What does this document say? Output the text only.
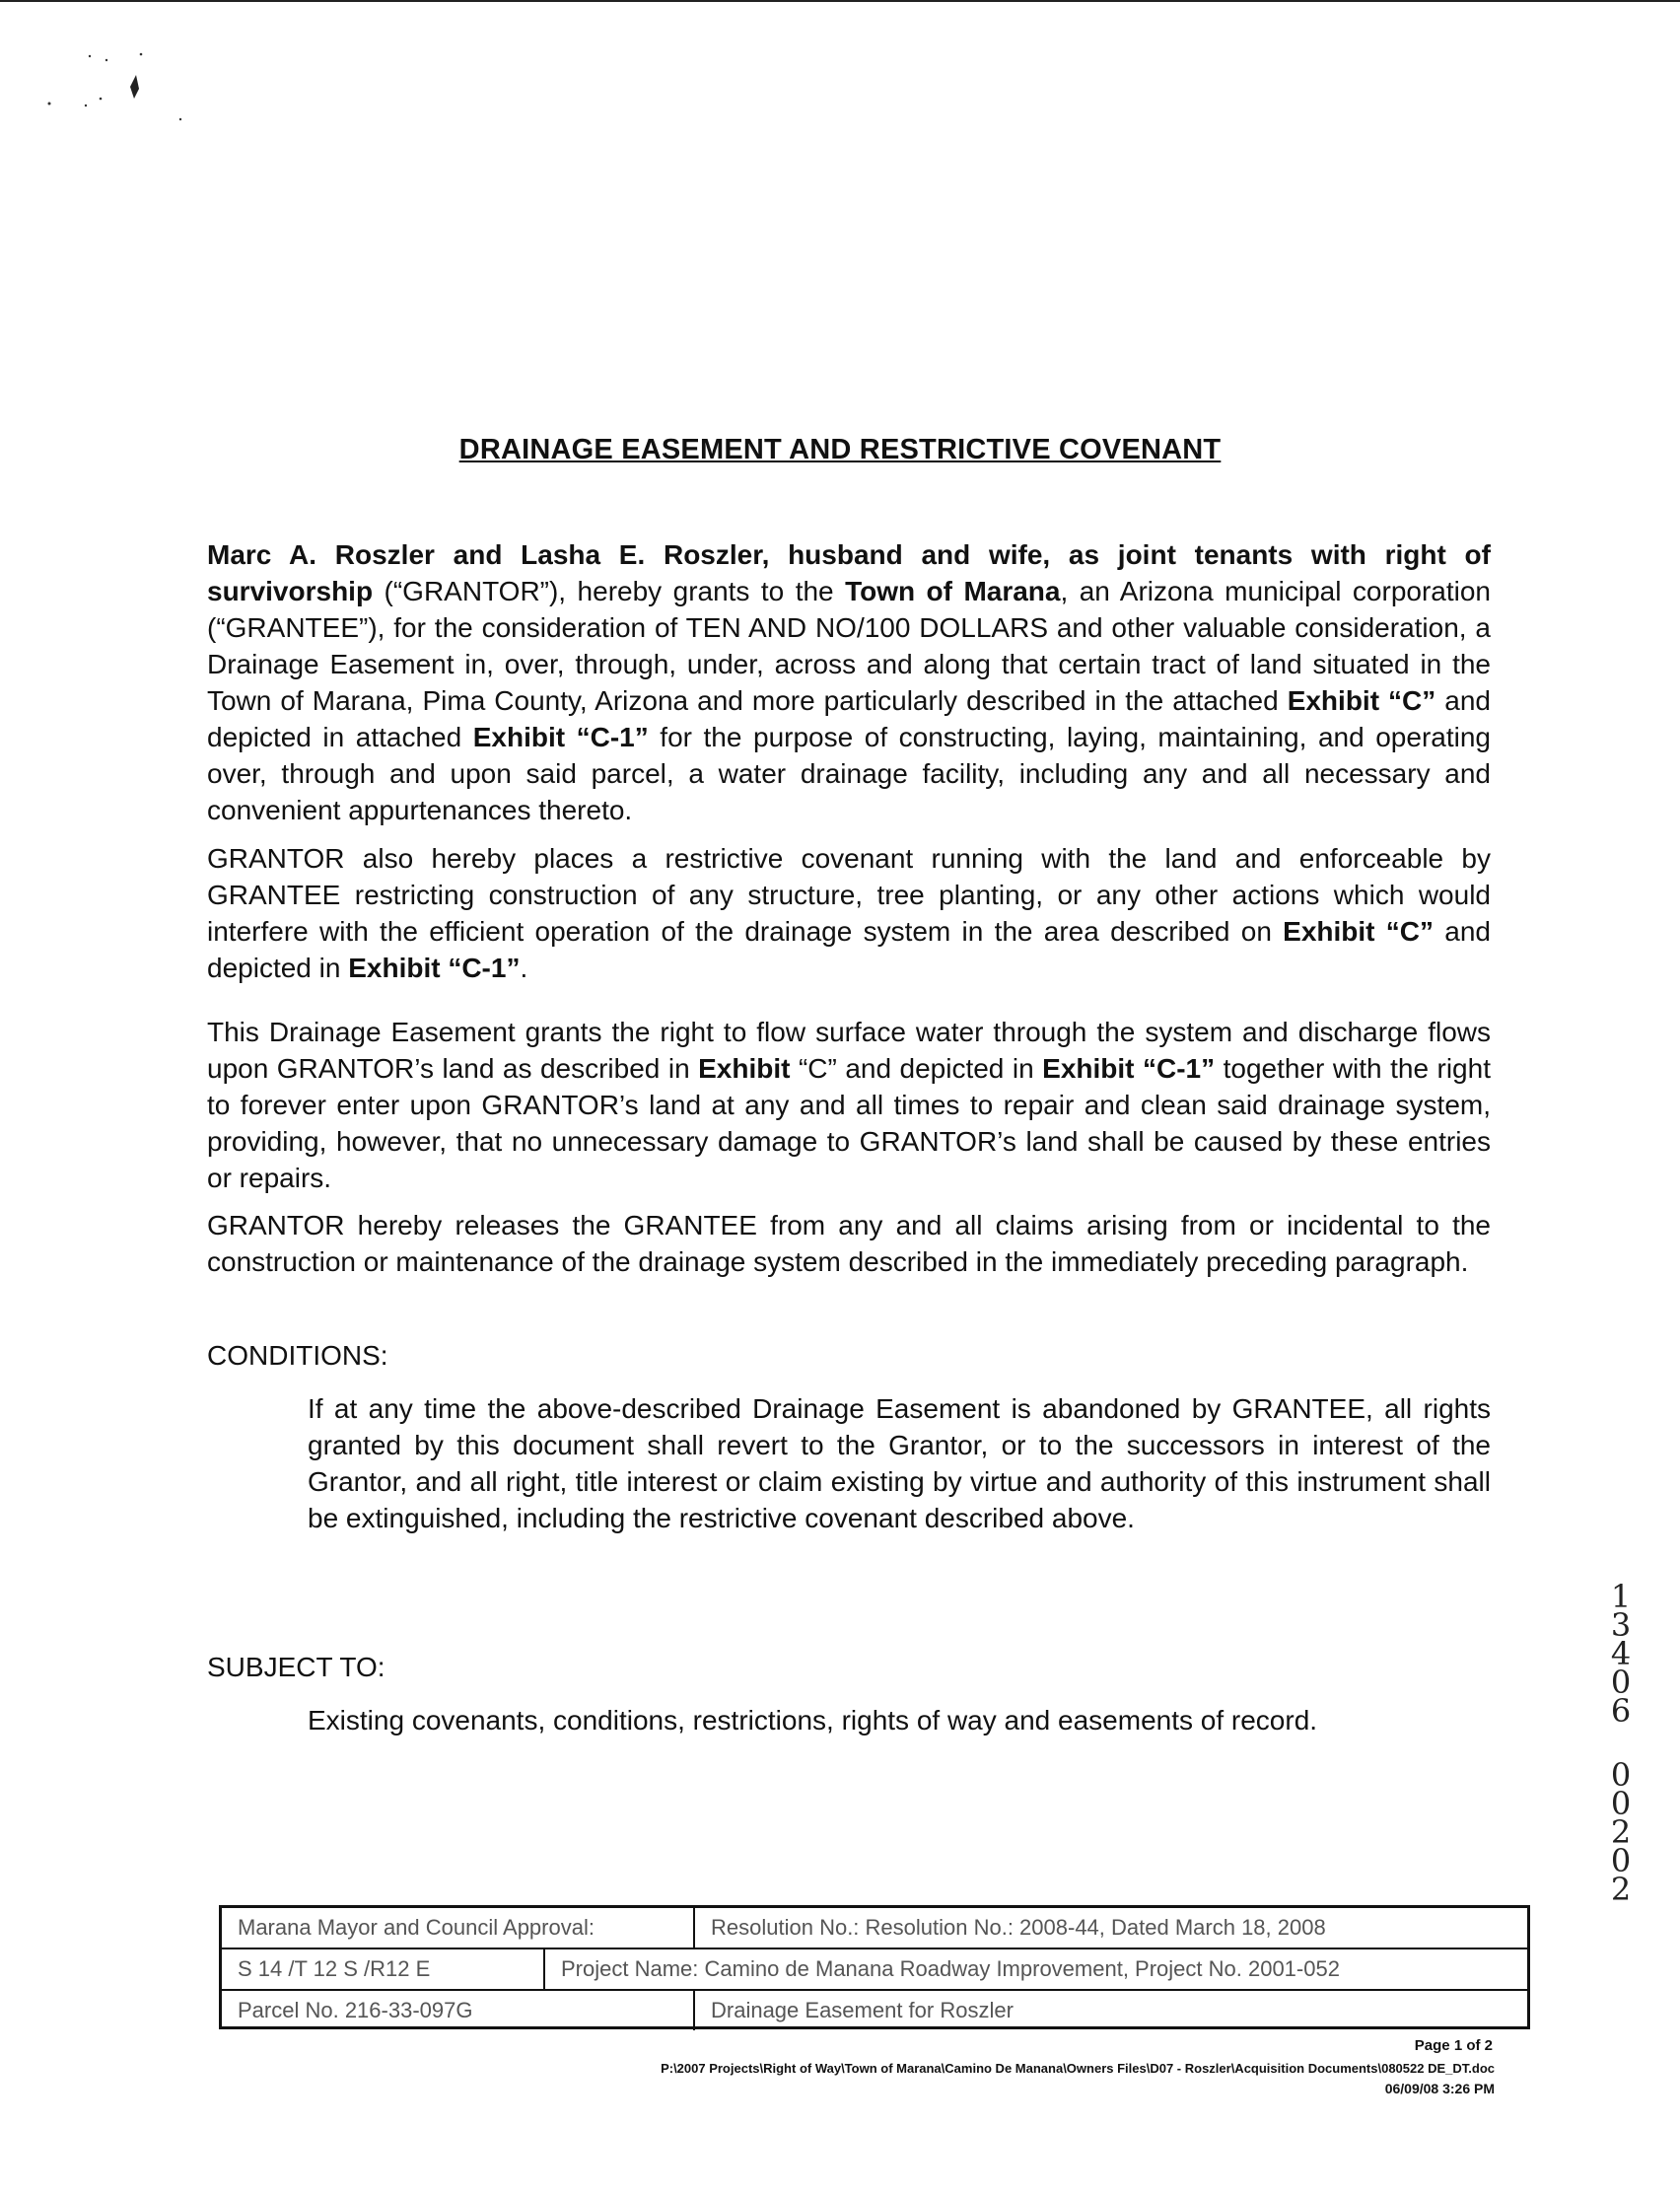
DRAINAGE EASEMENT AND RESTRICTIVE COVENANT
Marc A. Roszler and Lasha E. Roszler, husband and wife, as joint tenants with right of survivorship (“GRANTOR”), hereby grants to the Town of Marana, an Arizona municipal corporation (“GRANTEE”), for the consideration of TEN AND NO/100 DOLLARS and other valuable consideration, a Drainage Easement in, over, through, under, across and along that certain tract of land situated in the Town of Marana, Pima County, Arizona and more particularly described in the attached Exhibit “C” and depicted in attached Exhibit “C-1” for the purpose of constructing, laying, maintaining, and operating over, through and upon said parcel, a water drainage facility, including any and all necessary and convenient appurtenances thereto.
GRANTOR also hereby places a restrictive covenant running with the land and enforceable by GRANTEE restricting construction of any structure, tree planting, or any other actions which would interfere with the efficient operation of the drainage system in the area described on Exhibit “C” and depicted in Exhibit “C-1”.
This Drainage Easement grants the right to flow surface water through the system and discharge flows upon GRANTOR’s land as described in Exhibit “C” and depicted in Exhibit “C-1” together with the right to forever enter upon GRANTOR’s land at any and all times to repair and clean said drainage system, providing, however, that no unnecessary damage to GRANTOR’s land shall be caused by these entries or repairs.
GRANTOR hereby releases the GRANTEE from any and all claims arising from or incidental to the construction or maintenance of the drainage system described in the immediately preceding paragraph.
CONDITIONS:
If at any time the above-described Drainage Easement is abandoned by GRANTEE, all rights granted by this document shall revert to the Grantor, or to the successors in interest of the Grantor, and all right, title interest or claim existing by virtue and authority of this instrument shall be extinguished, including the restrictive covenant described above.
SUBJECT TO:
Existing covenants, conditions, restrictions, rights of way and easements of record.
1
3
4
0
6
0
0
2
0
2
Marana Mayor and Council Approval:	Resolution No.: Resolution No.: 2008-44, Dated March 18, 2008
S 14 /T 12 S /R12 E	Project Name: Camino de Manana Roadway Improvement, Project No. 2001-052
Parcel No. 216-33-097G	Drainage Easement for Roszler
Page 1 of 2
P:\2007 Projects\Right of Way\Town of Marana\Camino De Manana\Owners Files\D07 - Roszler\Acquisition Documents\080522 DE_DT.doc
06/09/08 3:26 PM
